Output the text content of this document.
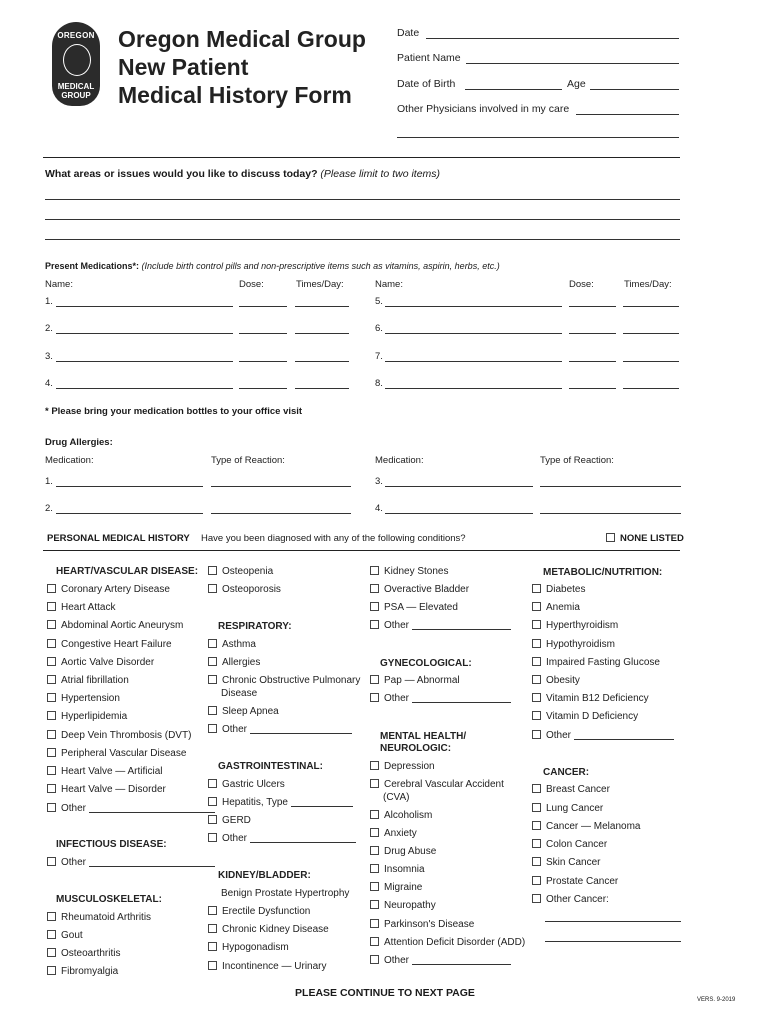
OREGON
MEDICAL
GROUP
Oregon Medical Group
New Patient
Medical History Form
Date
Patient Name
Date of Birth	Age
Other Physicians involved in my care
What areas or issues would you like to discuss today? (Please limit to two items)
Present Medications*: (Include birth control pills and non-prescriptive items such as vitamins, aspirin, herbs, etc.)
Name:	Dose:	Times/Day:	Name:	Dose:	Times/Day:
1.
2.
3.
4.
5.
6.
7.
8.
* Please bring your medication bottles to your office visit
Drug Allergies:
Medication:	Type of Reaction:	Medication:	Type of Reaction:
1.
2.
3.
4.
PERSONAL MEDICAL HISTORY Have you been diagnosed with any of the following conditions?	NONE LISTED
HEART/VASCULAR DISEASE:
Coronary Artery Disease
Heart Attack
Abdominal Aortic Aneurysm
Congestive Heart Failure
Aortic Valve Disorder
Atrial fibrillation
Hypertension
Hyperlipidemia
Deep Vein Thrombosis (DVT)
Peripheral Vascular Disease
Heart Valve — Artificial
Heart Valve — Disorder
Other
INFECTIOUS DISEASE:
Other
MUSCULOSKELETAL:
Rheumatoid Arthritis
Gout
Osteoarthritis
Fibromyalgia
Osteopenia
Osteoporosis
RESPIRATORY:
Asthma
Allergies
Chronic Obstructive Pulmonary
Disease
Sleep Apnea
Other
GASTROINTESTINAL:
Gastric Ulcers
Hepatitis, Type
GERD
Other
KIDNEY/BLADDER:
Benign Prostate Hypertrophy
Erectile Dysfunction
Chronic Kidney Disease
Hypogonadism
Incontinence — Urinary
Kidney Stones
Overactive Bladder
PSA — Elevated
Other
GYNECOLOGICAL:
Pap — Abnormal
Other
MENTAL HEALTH/
NEUROLOGIC:
Depression
Cerebral Vascular Accident
(CVA)
Alcoholism
Anxiety
Drug Abuse
Insomnia
Migraine
Neuropathy
Parkinson's Disease
Attention Deficit Disorder (ADD)
Other
METABOLIC/NUTRITION:
Diabetes
Anemia
Hyperthyroidism
Hypothyroidism
Impaired Fasting Glucose
Obesity
Vitamin B12 Deficiency
Vitamin D Deficiency
Other
CANCER:
Breast Cancer
Lung Cancer
Cancer — Melanoma
Colon Cancer
Skin Cancer
Prostate Cancer
Other Cancer:
PLEASE CONTINUE TO NEXT PAGE
VERS. 9-2019
